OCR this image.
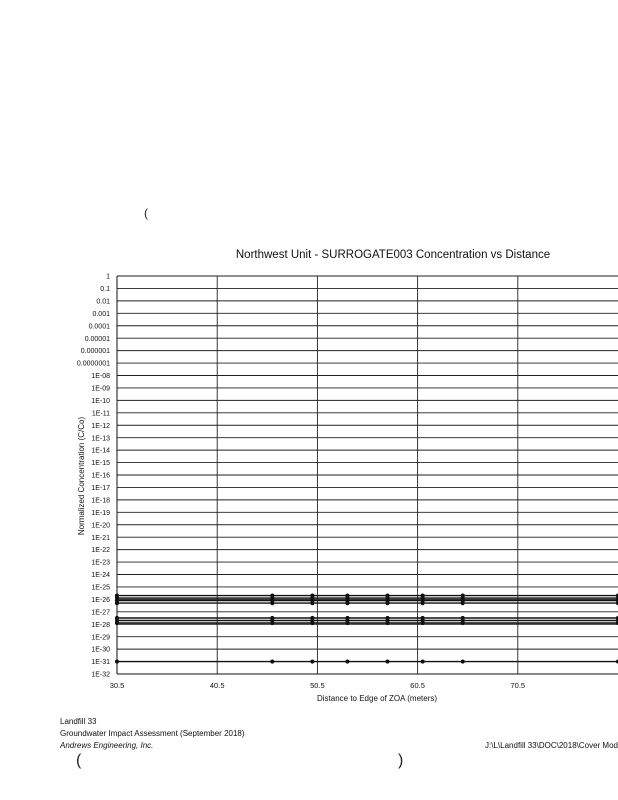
Northwest Unit - SURROGATE003 Concentration vs Distance
1
0.1
0.01
0.001
0.0001
0.00001
0.000001
0.0000001
1E-08
1E-09
1E-10
1E-11
1E-12
1E-13
1E-14
1E-15
1E-16
1E-17
1E-18
1E-19
1E-20
1E-21
1E-22
1E-23
1E-24
1E-25
1E-26
1E-27
1E-28
1E-29
1E-30
1E-31
1E-32
30.5	40.5	50.5	60.5	70.5
Normalized Concentration (C/Co)
Distance to Edge of ZOA (meters)
Landfill 33
Groundwater Impact Assessment (September 2018)
Andrews Engineering, Inc.	J:\L\Landfill 33\DOC\2018\Cover Mod
(
(	)
